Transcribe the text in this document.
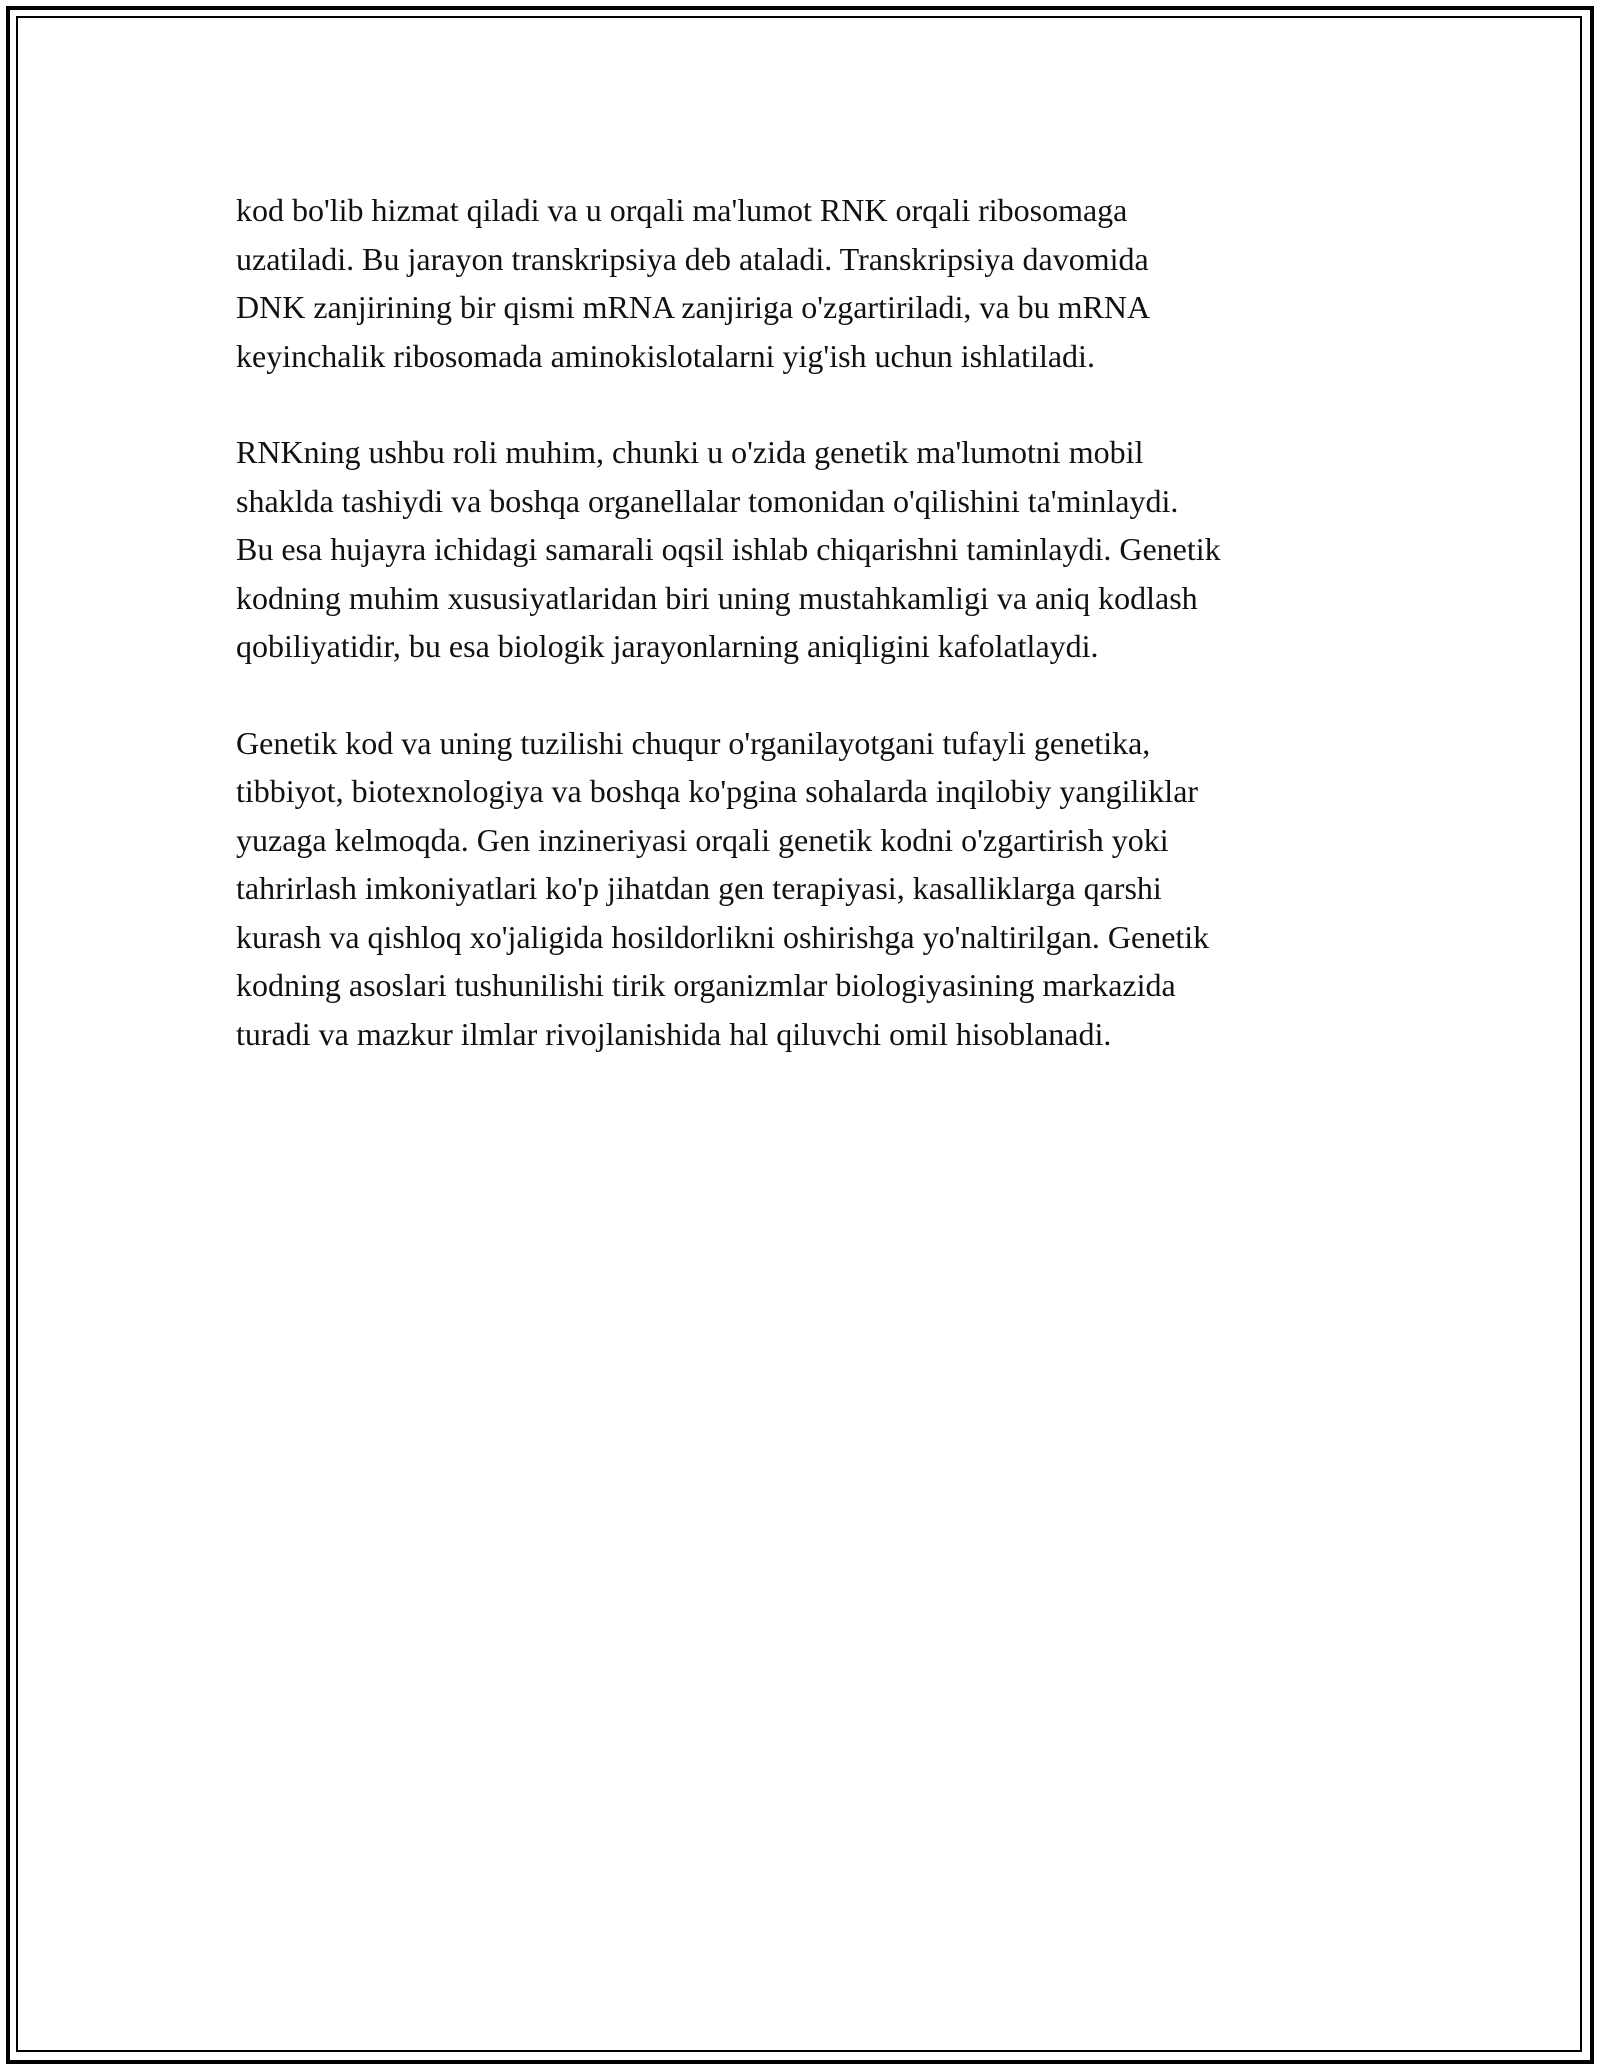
kod bo'lib hizmat qiladi va u orqali ma'lumot RNK orqali ribosomaga
uzatiladi. Bu jarayon transkripsiya deb ataladi. Transkripsiya davomida
DNK zanjirining bir qismi mRNA zanjiriga o'zgartiriladi, va bu mRNA
keyinchalik ribosomada aminokislotalarni yig'ish uchun ishlatiladi.

RNKning ushbu roli muhim, chunki u o'zida genetik ma'lumotni mobil
shaklda tashiydi va boshqa organellalar tomonidan o'qilishini ta'minlaydi.
Bu esa hujayra ichidagi samarali oqsil ishlab chiqarishni taminlaydi. Genetik
kodning muhim xususiyatlaridan biri uning mustahkamligi va aniq kodlash
qobiliyatidir, bu esa biologik jarayonlarning aniqligini kafolatlaydi.

Genetik kod va uning tuzilishi chuqur o'rganilayotgani tufayli genetika,
tibbiyot, biotexnologiya va boshqa ko'pgina sohalarda inqilobiy yangiliklar
yuzaga kelmoqda. Gen inzineriyasi orqali genetik kodni o'zgartirish yoki
tahrirlash imkoniyatlari ko'p jihatdan gen terapiyasi, kasalliklarga qarshi
kurash va qishloq xo'jaligida hosildorlikni oshirishga yo'naltirilgan. Genetik
kodning asoslari tushunilishi tirik organizmlar biologiyasining markazida
turadi va mazkur ilmlar rivojlanishida hal qiluvchi omil hisoblanadi.
